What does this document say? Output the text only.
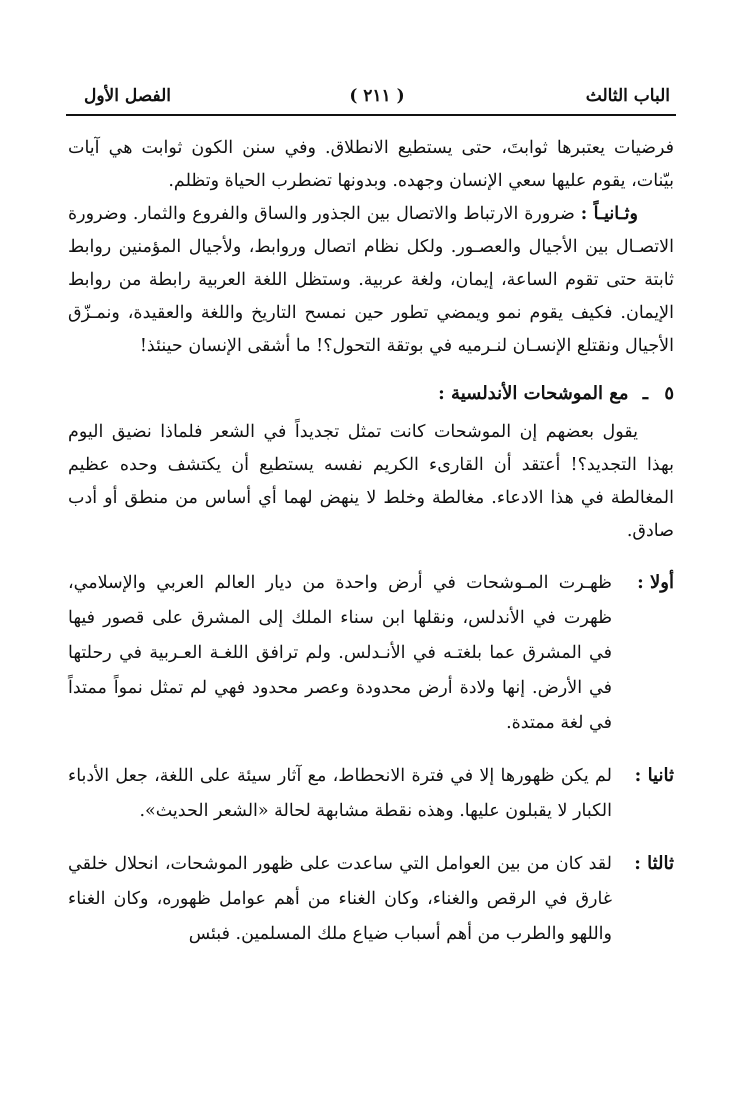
الباب الثالث
( ٢١١ )
الفصل الأول

فرضيات يعتبرها ثوابتَ، حتى يستطيع الانطلاق. وفي سنن الكون ثوابت هي آيات بيّنات، يقوم عليها سعي الإنسان وجهده. وبدونها تضطرب الحياة وتظلم.

وثـانيـاً : ضرورة الارتباط والاتصال بين الجذور والساق والفروع والثمار. وضرورة الاتصـال بين الأجيال والعصـور. ولكل نظام اتصال وروابط، ولأجيال المؤمنين روابط ثابتة حتى تقوم الساعة، إيمان، ولغة عربية. وستظل اللغة العربية رابطة من روابط الإيمان. فكيف يقوم نمو ويمضي تطور حين نمسح التاريخ واللغة والعقيدة، ونمـزّق الأجيال ونقتلع الإنسـان لنـرميه في بوتقة التحول؟! ما أشقى الإنسان حينئذ!

٥ ـ مع الموشحات الأندلسية :

يقول بعضهم إن الموشحات كانت تمثل تجديداً في الشعر فلماذا نضيق اليوم بهذا التجديد؟! أعتقد أن القارىء الكريم نفسه يستطيع أن يكتشف وحده عظيم المغالطة في هذا الادعاء. مغالطة وخلط لا ينهض لهما أي أساس من منطق أو أدب صادق.

أولا :
ظهـرت المـوشحات في أرض واحدة من ديار العالم العربي والإسلامي، ظهرت في الأندلس، ونقلها ابن سناء الملك إلى المشرق على قصور فيها في المشرق عما بلغتـه في الأنـدلس. ولم ترافق اللغـة العـربية في رحلتها في الأرض. إنها ولادة أرض محدودة وعصر محدود فهي لم تمثل نمواً ممتداً في لغة ممتدة.
ثانيا :
لم يكن ظهورها إلا في فترة الانحطاط، مع آثار سيئة على اللغة، جعل الأدباء الكبار لا يقبلون عليها. وهذه نقطة مشابهة لحالة «الشعر الحديث».
ثالثا :
لقد كان من بين العوامل التي ساعدت على ظهور الموشحات، انحلال خلقي غارق في الرقص والغناء، وكان الغناء من أهم عوامل ظهوره، وكان الغناء واللهو والطرب من أهم أسباب ضياع ملك المسلمين. فبئس
